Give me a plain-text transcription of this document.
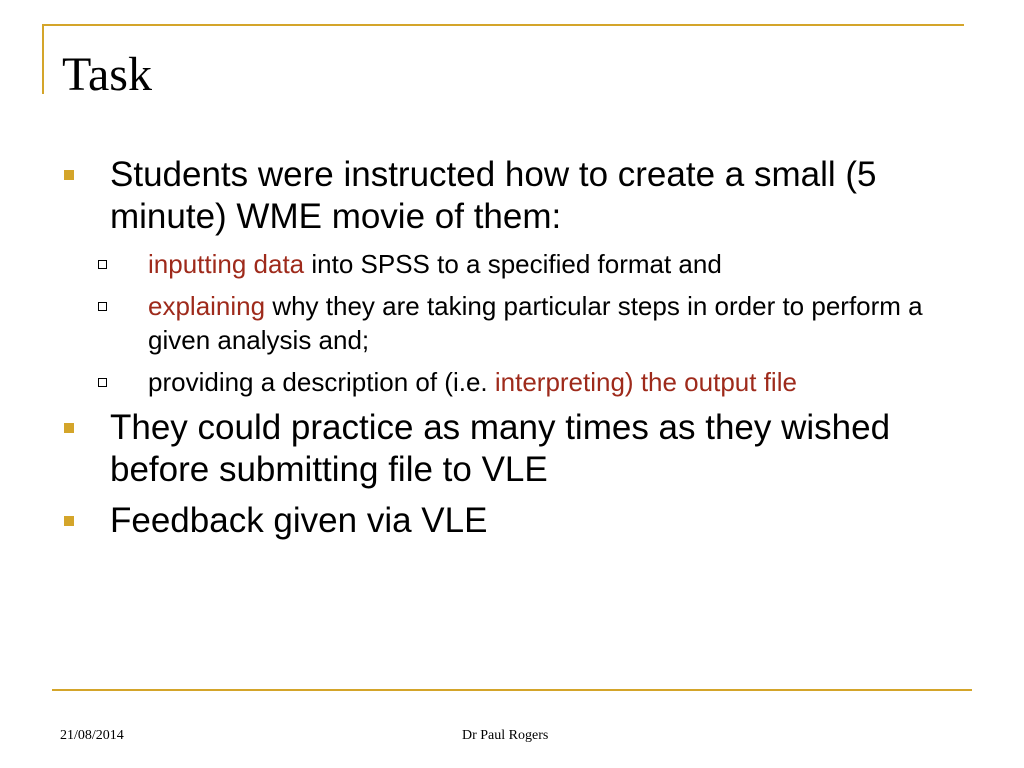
Task
Students were instructed how to create a small (5 minute) WME movie of them:
inputting data into SPSS to a specified format and
explaining why they are taking particular steps in order to perform a given analysis and;
providing a description of (i.e. interpreting) the output file
They could practice as many times as they wished before submitting file to VLE
Feedback given via VLE
21/08/2014	Dr Paul Rogers
